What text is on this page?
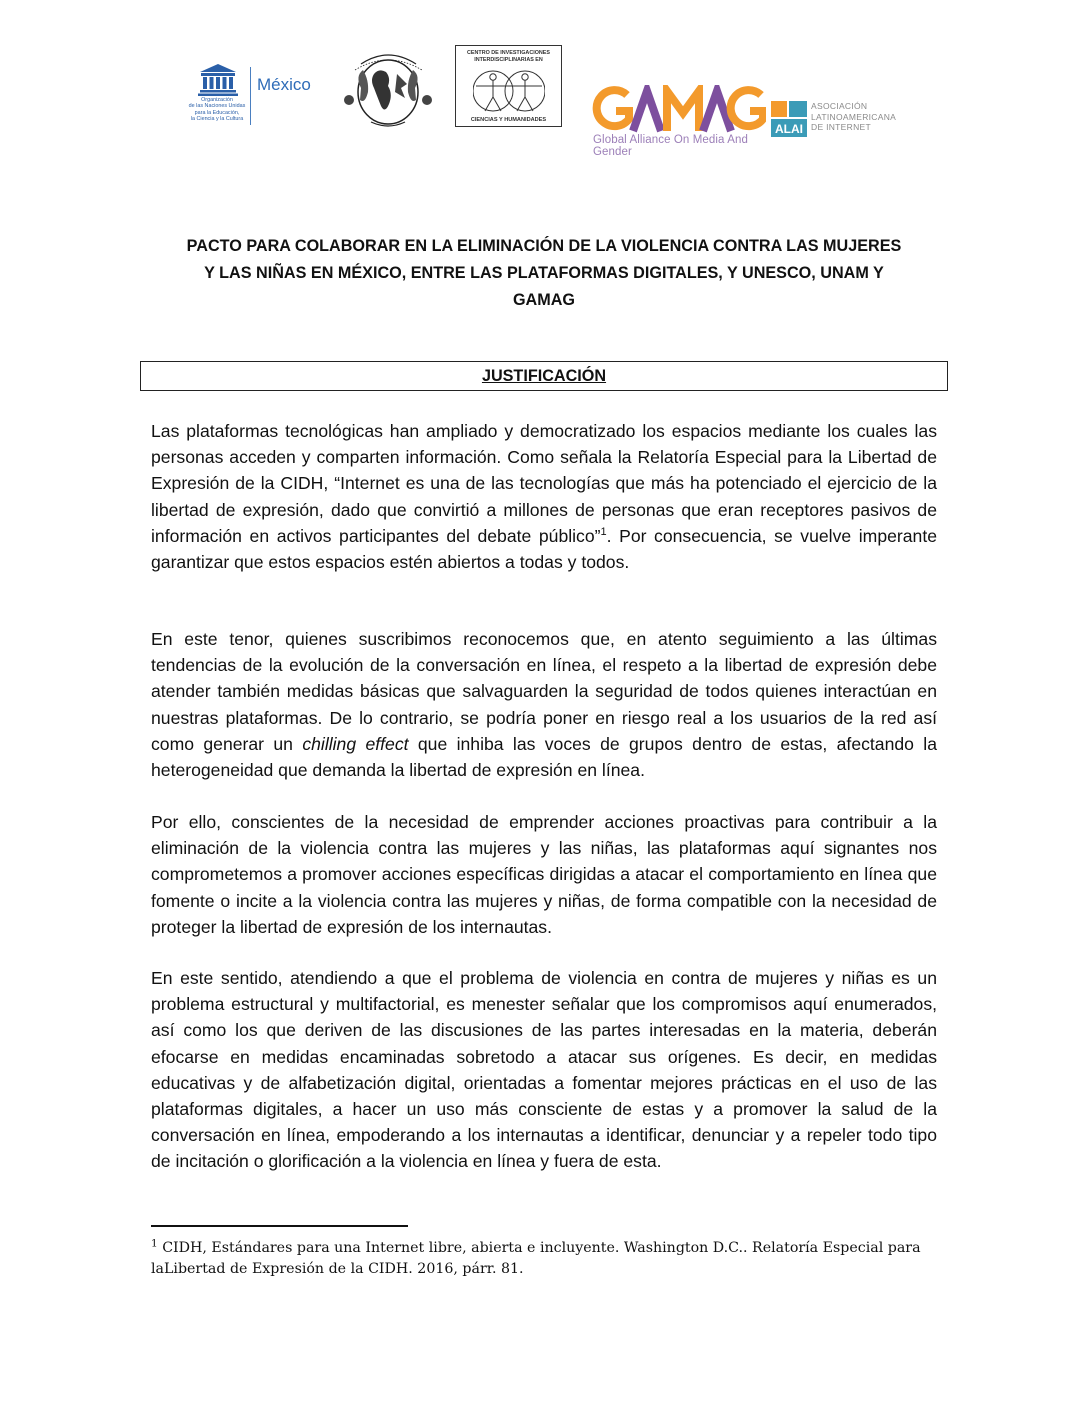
Organización
de las Naciones Unidas
para la Educación,
la Ciencia y la Cultura
México
CENTRO DE INVESTIGACIONES
INTERDISCIPLINARIAS EN
CIENCIAS Y HUMANIDADES
Global Alliance On Media And Gender
ALAI
ASOCIACIÓN
LATINOAMERICANA
DE INTERNET
PACTO PARA COLABORAR EN LA ELIMINACIÓN DE LA VIOLENCIA CONTRA LAS MUJERES
Y LAS NIÑAS EN MÉXICO, ENTRE LAS PLATAFORMAS DIGITALES, Y UNESCO, UNAM Y
GAMAG
JUSTIFICACIÓN

Las plataformas tecnológicas han ampliado y democratizado los espacios mediante los cuales las personas acceden y comparten información. Como señala la Relatoría Especial para la Libertad de Expresión de la CIDH, “Internet es una de las tecnologías que más ha potenciado el ejercicio de la libertad de expresión, dado que convirtió a millones de personas que eran receptores pasivos de información en activos participantes del debate público”$^1$. Por consecuencia, se vuelve imperante garantizar que estos espacios estén abiertos a todas y todos.

En este tenor, quienes suscribimos reconocemos que, en atento seguimiento a las últimas tendencias de la evolución de la conversación en línea, el respeto a la libertad de expresión debe atender también medidas básicas que salvaguarden la seguridad de todos quienes interactúan en nuestras plataformas. De lo contrario, se podría poner en riesgo real a los usuarios de la red así como generar un chilling effect que inhiba las voces de grupos dentro de estas, afectando la heterogeneidad que demanda la libertad de expresión en línea.

Por ello, conscientes de la necesidad de emprender acciones proactivas para contribuir a la eliminación de la violencia contra las mujeres y las niñas, las plataformas aquí signantes nos comprometemos a promover acciones específicas dirigidas a atacar el comportamiento en línea que fomente o incite a la violencia contra las mujeres y niñas, de forma compatible con la necesidad de proteger la libertad de expresión de los internautas.

En este sentido, atendiendo a que el problema de violencia en contra de mujeres y niñas es un problema estructural y multifactorial, es menester señalar que los compromisos aquí enumerados, así como los que deriven de las discusiones de las partes interesadas en la materia, deberán efocarse en medidas encaminadas sobretodo a atacar sus orígenes. Es decir, en medidas educativas y de alfabetización digital, orientadas a fomentar mejores prácticas en el uso de las plataformas digitales, a hacer un uso más consciente de estas y a promover la salud de la conversación en línea, empoderando a los internautas a identificar, denunciar y a repeler todo tipo de incitación o glorificación a la violencia en línea y fuera de esta.

$^1$ CIDH, Estándares para una Internet libre, abierta e incluyente. Washington D.C.. Relatoría Especial para laLibertad de Expresión de la CIDH. 2016, párr. 81.
